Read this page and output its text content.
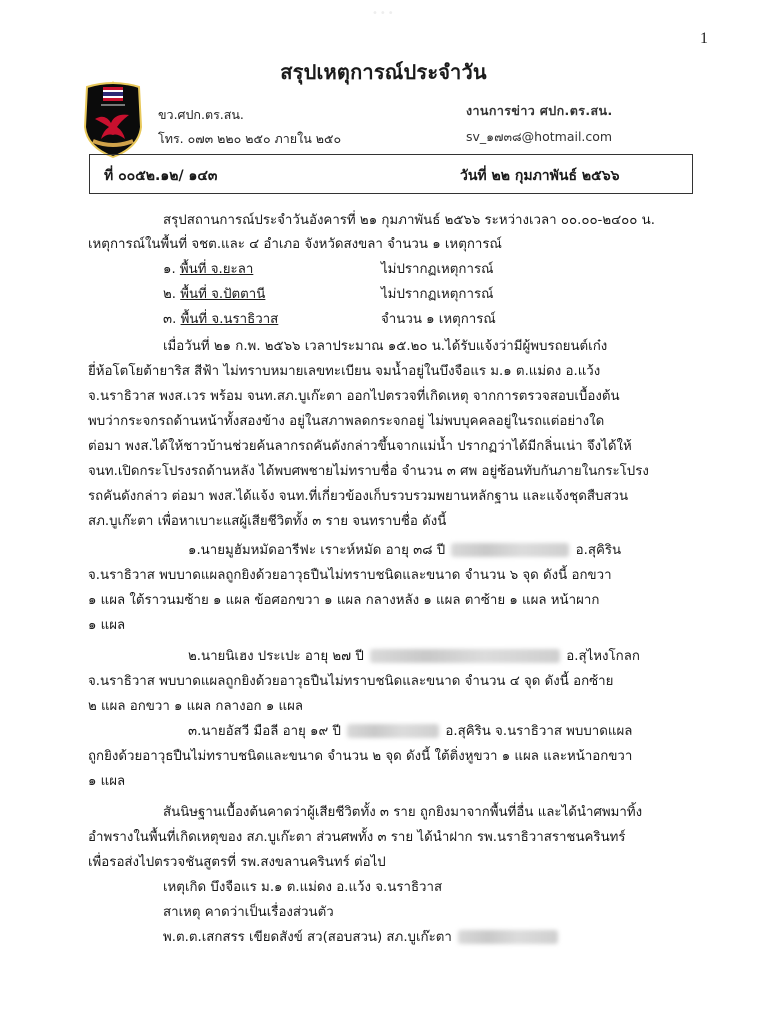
•••
1
สรุปเหตุการณ์ประจำวัน
ขว.ศปก.ตร.สน.
โทร. ๐๗๓ ๒๒๐ ๒๕๐ ภายใน ๒๕๐
งานการข่าว ศปก.ตร.สน.
sv_๑๗๓๘@hotmail.com
ที่ ๐๐๕๒.๑๒/ ๑๔๓	วันที่ ๒๒ กุมภาพันธ์ ๒๕๖๖
สรุปสถานการณ์ประจำวันอังคารที่ ๒๑ กุมภาพันธ์ ๒๕๖๖ ระหว่างเวลา ๐๐.๐๐-๒๔๐๐ น.
เหตุการณ์ในพื้นที่ จชต.และ ๔ อำเภอ จังหวัดสงขลา จำนวน ๑ เหตุการณ์
๑. พื้นที่ จ.ยะลา	ไม่ปรากฏเหตุการณ์
๒. พื้นที่ จ.ปัตตานี	ไม่ปรากฏเหตุการณ์
๓. พื้นที่ จ.นราธิวาส	จำนวน ๑ เหตุการณ์
เมื่อวันที่ ๒๑ ก.พ. ๒๕๖๖ เวลาประมาณ ๑๕.๒๐ น.ได้รับแจ้งว่ามีผู้พบรถยนต์เก๋ง
ยี่ห้อโตโยต้ายาริส สีฟ้า ไม่ทราบหมายเลขทะเบียน จมน้ำอยู่ในบึงจือแร ม.๑ ต.แม่ดง อ.แว้ง
จ.นราธิวาส พงส.เวร พร้อม จนท.สภ.บูเก๊ะตา ออกไปตรวจที่เกิดเหตุ จากการตรวจสอบเบื้องต้น
พบว่ากระจกรถด้านหน้าทั้งสองข้าง อยู่ในสภาพลดกระจกอยู่ ไม่พบบุคคลอยู่ในรถแต่อย่างใด
ต่อมา พงส.ได้ให้ชาวบ้านช่วยค้นลากรถคันดังกล่าวขึ้นจากแม่น้ำ ปรากฏว่าได้มีกลิ่นเน่า จึงได้ให้
จนท.เปิดกระโปรงรถด้านหลัง ได้พบศพชายไม่ทราบชื่อ จำนวน ๓ ศพ อยู่ซ้อนทับกันภายในกระโปรง
รถคันดังกล่าว ต่อมา พงส.ได้แจ้ง จนท.ที่เกี่ยวข้องเก็บรวบรวมพยานหลักฐาน และแจ้งชุดสืบสวน
สภ.บูเก๊ะตา เพื่อหาเบาะแสผู้เสียชีวิตทั้ง ๓ ราย จนทราบชื่อ ดังนี้
๑.นายมูฮัมหมัดอารีฟะ เราะห์หมัด อายุ ๓๘ ปี	อ.สุคิริน
จ.นราธิวาส พบบาดแผลถูกยิงด้วยอาวุธปืนไม่ทราบชนิดและขนาด จำนวน ๖ จุด ดังนี้ อกขวา
๑ แผล ใต้ราวนมซ้าย ๑ แผล ข้อศอกขวา ๑ แผล กลางหลัง ๑ แผล ตาซ้าย ๑ แผล หน้าผาก
๑ แผล
๒.นายนิเฮง ประเปะ อายุ ๒๗ ปี	อ.สุไหงโกลก
จ.นราธิวาส พบบาดแผลถูกยิงด้วยอาวุธปืนไม่ทราบชนิดและขนาด จำนวน ๔ จุด ดังนี้ อกซ้าย
๒ แผล อกขวา ๑ แผล กลางอก ๑ แผล
๓.นายอัสวี มือลี อายุ ๑๙ ปี	อ.สุคิริน จ.นราธิวาส พบบาดแผล
ถูกยิงด้วยอาวุธปืนไม่ทราบชนิดและขนาด จำนวน ๒ จุด ดังนี้ ใต้ติ่งหูขวา ๑ แผล และหน้าอกขวา
๑ แผล
สันนิษฐานเบื้องต้นคาดว่าผู้เสียชีวิตทั้ง ๓ ราย ถูกยิงมาจากพื้นที่อื่น และได้นำศพมาทิ้ง
อำพรางในพื้นที่เกิดเหตุของ สภ.บูเก๊ะตา ส่วนศพทั้ง ๓ ราย ได้นำฝาก รพ.นราธิวาสราชนครินทร์
เพื่อรอส่งไปตรวจชันสูตรที่ รพ.สงขลานครินทร์ ต่อไป
เหตุเกิด บึงจือแร ม.๑ ต.แม่ดง อ.แว้ง จ.นราธิวาส
สาเหตุ คาดว่าเป็นเรื่องส่วนตัว
พ.ต.ต.เสกสรร เขียดสังข์ สว(สอบสวน) สภ.บูเก๊ะตา
